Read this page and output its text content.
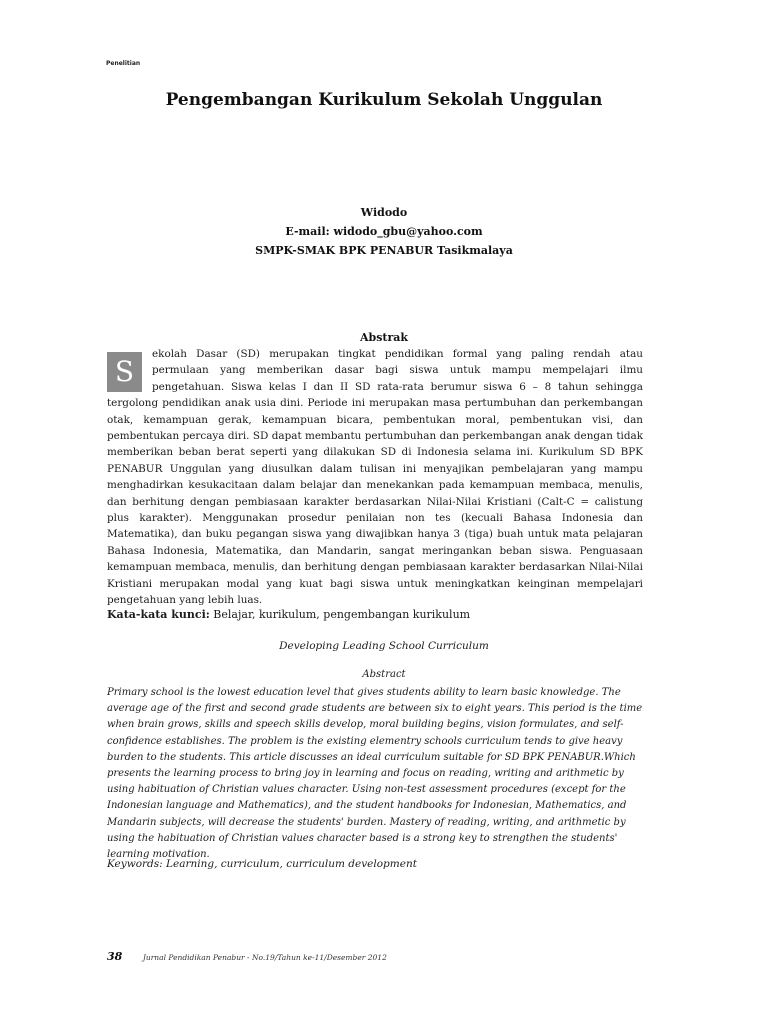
Penelitian
Pengembangan Kurikulum Sekolah Unggulan
Widodo
E-mail: widodo_gbu@yahoo.com
SMPK-SMAK BPK PENABUR Tasikmalaya
Abstrak
S
ekolah Dasar (SD) merupakan tingkat pendidikan formal yang paling rendah atau permulaan yang memberikan dasar bagi siswa untuk mampu mempelajari ilmu pengetahuan. Siswa kelas I dan II SD rata-rata berumur siswa 6 – 8 tahun sehingga tergolong pendidikan anak usia dini. Periode ini merupakan masa pertumbuhan dan perkembangan otak, kemampuan gerak, kemampuan bicara, pembentukan moral, pembentukan visi, dan pembentukan percaya diri. SD dapat membantu pertumbuhan dan perkembangan anak dengan tidak memberikan beban berat seperti yang dilakukan SD di Indonesia selama ini. Kurikulum SD BPK PENABUR Unggulan yang diusulkan dalam tulisan ini menyajikan pembelajaran yang mampu menghadirkan kesukacitaan dalam belajar dan menekankan pada kemampuan membaca, menulis, dan berhitung dengan pembiasaan karakter berdasarkan Nilai-Nilai Kristiani (Calt-C = calistung plus karakter). Menggunakan prosedur penilaian non tes (kecuali Bahasa Indonesia dan Matematika), dan buku pegangan siswa yang diwajibkan hanya 3 (tiga) buah untuk mata pelajaran Bahasa Indonesia, Matematika, dan Mandarin, sangat meringankan beban siswa. Penguasaan kemampuan membaca, menulis, dan berhitung dengan pembiasaan karakter berdasarkan Nilai-Nilai Kristiani merupakan modal yang kuat bagi siswa untuk meningkatkan keinginan mempelajari pengetahuan yang lebih luas.
Kata-kata kunci: Belajar, kurikulum, pengembangan kurikulum
Developing Leading School Curriculum
Abstract
Primary school is the lowest education level that gives students ability to learn basic knowledge. The average age of the first and second grade students are between six to eight years. This period is the time when brain grows, skills and speech skills develop, moral building begins, vision formulates, and self-confidence establishes. The problem is the existing elementry schools curriculum tends to give heavy burden to the students. This article discusses an ideal curriculum suitable for SD BPK PENABUR.Which presents the learning process to bring joy in learning and focus on reading, writing and arithmetic by using habituation of Christian values character. Using non-test assessment procedures (except for the Indonesian language and Mathematics), and the student handbooks for Indonesian, Mathematics, and Mandarin subjects, will decrease the students' burden. Mastery of reading, writing, and arithmetic by using the habituation of Christian values character based is a strong key to strengthen the students' learning motivation.
Keywords: Learning, curriculum, curriculum development
38	Jurnal Pendidikan Penabur - No.19/Tahun ke-11/Desember 2012
